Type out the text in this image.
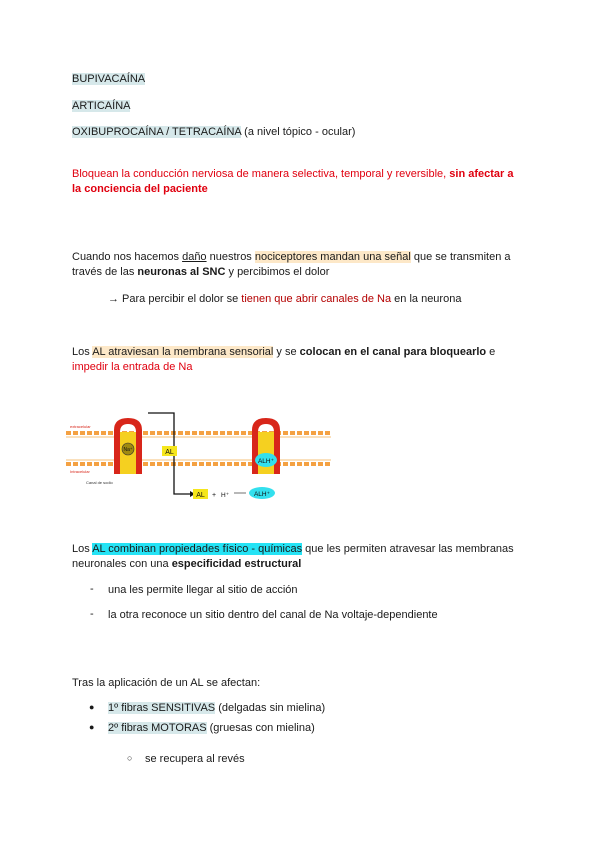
BUPIVACAÍNA
ARTICAÍNA
OXIBUPROCAÍNA / TETRACAÍNA (a nivel tópico - ocular)
Bloquean la conducción nerviosa de manera selectiva, temporal y reversible, sin afectar a
la conciencia del paciente
Cuando nos hacemos daño nuestros nociceptores mandan una señal que se transmiten a
través de las neuronas al SNC y percibimos el dolor
→ Para percibir el dolor se tienen que abrir canales de Na en la neurona
Los AL atraviesan la membrana sensorial y se colocan en el canal para bloquearlo e
impedir la entrada de Na
extracelular
Intracelular
Canal de sodio
Na⁺	AL
ALH⁺
AL + H⁺	ALH⁺
Los AL combinan propiedades físico - químicas que les permiten atravesar las membranas
neuronales con una especificidad estructural
- una les permite llegar al sitio de acción
- la otra reconoce un sitio dentro del canal de Na voltaje-dependiente
Tras la aplicación de un AL se afectan:
● 1º fibras SENSITIVAS (delgadas sin mielina)
● 2º fibras MOTORAS (gruesas con mielina)
○ se recupera al revés
